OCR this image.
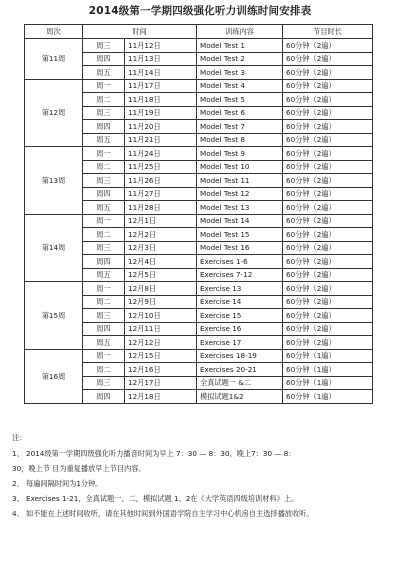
2014级第一学期四级强化听力训练时间安排表
周次	时间		训练内容	节目时长
第11周	周三	11月12日	Model Test 1	60分钟（2遍）
	周四	11月13日	Model Test 2	60分钟（2遍）
	周五	11月14日	Model Test 3	60分钟（2遍）
第12周	周一	11月17日	Model Test 4	60分钟（2遍）
	周二	11月18日	Model Test 5	60分钟（2遍）
	周三	11月19日	Model Test 6	60分钟（2遍）
	周四	11月20日	Model Test 7	60分钟（2遍）
	周五	11月21日	Model Test 8	60分钟（2遍）
第13周	周一	11月24日	Model Test 9	60分钟（2遍）
	周二	11月25日	Model Test 10	60分钟（2遍）
	周三	11月26日	Model Test 11	60分钟（2遍）
	周四	11月27日	Model Test 12	60分钟（2遍）
	周五	11月28日	Model Test 13	60分钟（2遍）
第14周	周一	12月1日	Model Test 14	60分钟（2遍）
	周二	12月2日	Model Test 15	60分钟（2遍）
	周三	12月3日	Model Test 16	60分钟（2遍）
	周四	12月4日	Exercises 1-6	60分钟（2遍）
	周五	12月5日	Exercises 7-12	60分钟（2遍）
第15周	周一	12月8日	Exercise 13	60分钟（2遍）
	周二	12月9日	Exercise 14	60分钟（2遍）
	周三	12月10日	Exercise 15	60分钟（2遍）
	周四	12月11日	Exercise 16	60分钟（2遍）
	周五	12月12日	Exercise 17	60分钟（2遍）
第16周	周一	12月15日	Exercises 18-19	60分钟（1遍）
	周二	12月16日	Exercises 20-21	60分钟（1遍）
	周三	12月17日	全真试题一 &二	60分钟（1遍）
	周四	12月18日	模拟试题1&2	60分钟（1遍）
注：
1、 2014级第一学期四级强化听力播音时间为早上 7：30 — 8：30，晚上7：30 — 8：
30，晚上节 目为重复播放早上节目内容。
2、 每遍间隔时间为1分钟。
3、 Exercises 1-21，全真试题一、二，模拟试题 1、2在《大学英语四级培训材料》上。
4、 如不能在上述时间收听，请在其他时间到外国语学院自主学习中心机房自主选择播放收听。
